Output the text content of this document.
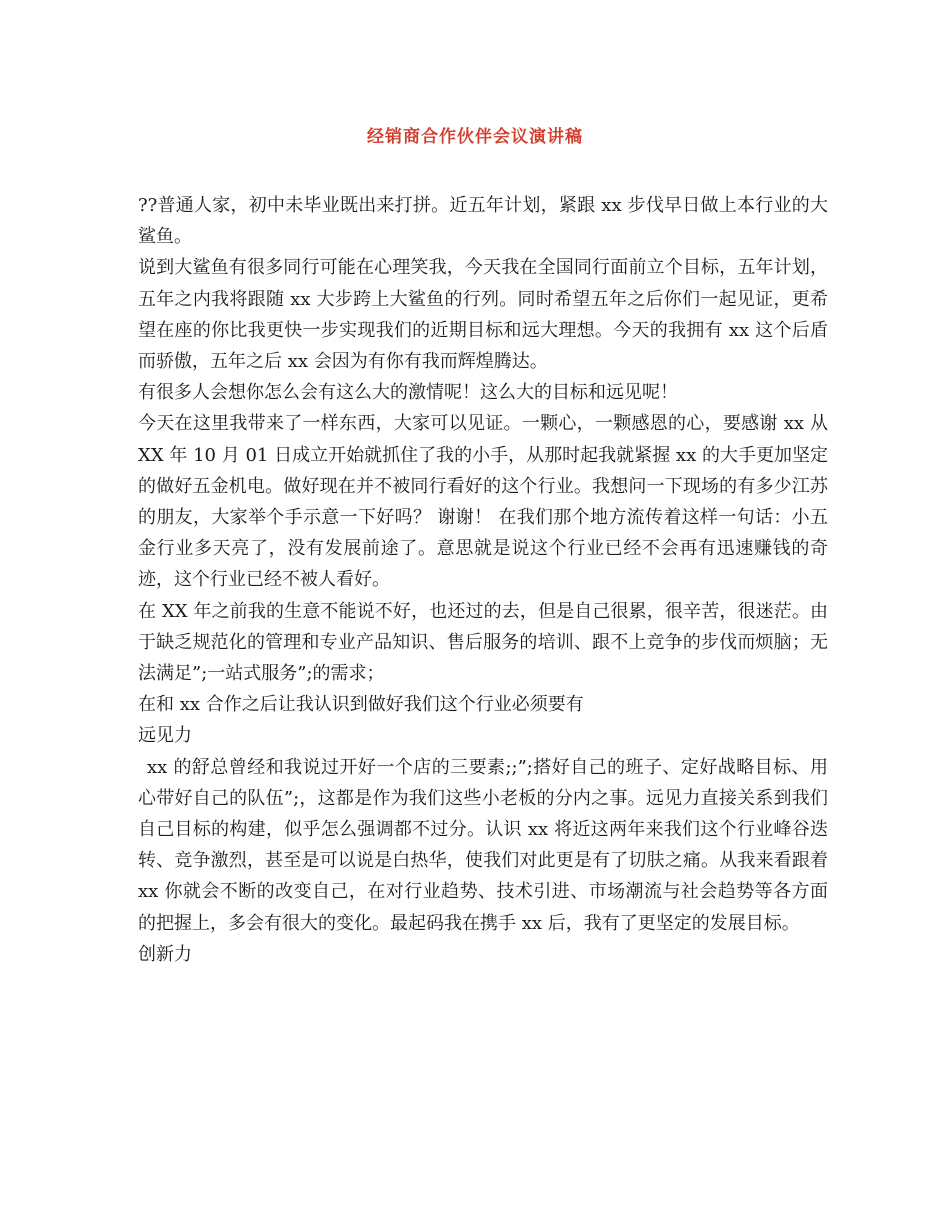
经销商合作伙伴会议演讲稿

??普通人家，初中未毕业既出来打拼。近五年计划，紧跟 xx 步伐早日做上本行业的大鲨鱼。

说到大鲨鱼有很多同行可能在心理笑我，今天我在全国同行面前立个目标，五年计划，五年之内我将跟随 xx 大步跨上大鲨鱼的行列。同时希望五年之后你们一起见证，更希望在座的你比我更快一步实现我们的近期目标和远大理想。今天的我拥有 xx 这个后盾而骄傲，五年之后 xx 会因为有你有我而辉煌腾达。

有很多人会想你怎么会有这么大的激情呢！这么大的目标和远见呢！

今天在这里我带来了一样东西，大家可以见证。一颗心，一颗感恩的心，要感谢 xx 从 XX 年 10 月 01 日成立开始就抓住了我的小手，从那时起我就紧握 xx 的大手更加坚定的做好五金机电。做好现在并不被同行看好的这个行业。我想问一下现场的有多少江苏的朋友，大家举个手示意一下好吗？ 谢谢！ 在我们那个地方流传着这样一句话：小五金行业多天亮了，没有发展前途了。意思就是说这个行业已经不会再有迅速赚钱的奇迹，这个行业已经不被人看好。

在 XX 年之前我的生意不能说不好，也还过的去，但是自己很累，很辛苦，很迷茫。由于缺乏规范化的管理和专业产品知识、售后服务的培训、跟不上竞争的步伐而烦脑；无法满足”;一站式服务”;的需求；

在和 xx 合作之后让我认识到做好我们这个行业必须要有

远见力

xx 的舒总曾经和我说过开好一个店的三要素;;”;搭好自己的班子、定好战略目标、用心带好自己的队伍”;，这都是作为我们这些小老板的分内之事。远见力直接关系到我们自己目标的构建，似乎怎么强调都不过分。认识 xx 将近这两年来我们这个行业峰谷迭转、竞争激烈，甚至是可以说是白热华，使我们对此更是有了切肤之痛。从我来看跟着 xx 你就会不断的改变自己，在对行业趋势、技术引进、市场潮流与社会趋势等各方面的把握上，多会有很大的变化。最起码我在携手 xx 后，我有了更坚定的发展目标。

创新力
